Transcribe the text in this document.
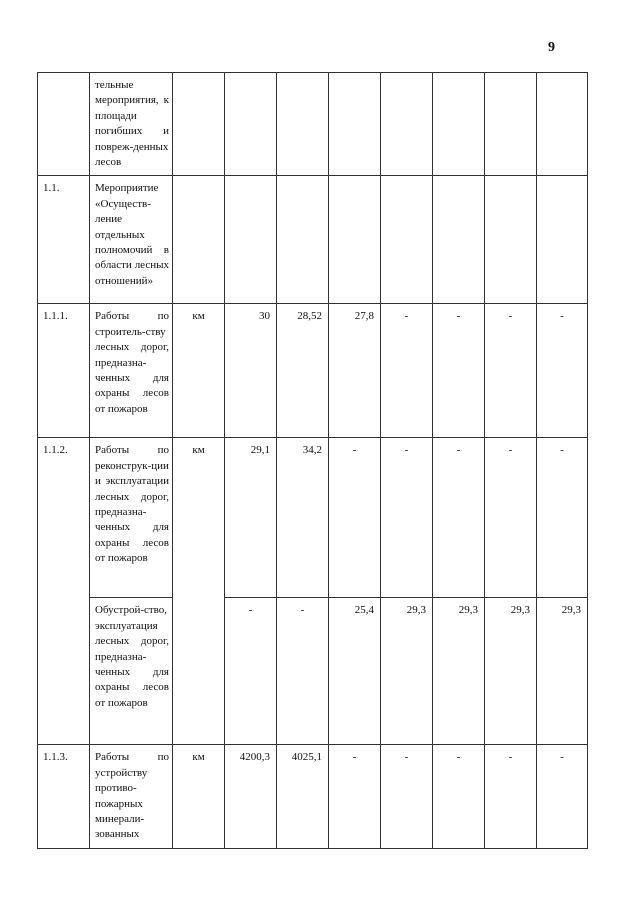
9
	тельные мероприятия, к площади погибших и повреж-денных лесов								
1.1.	Мероприятие «Осуществ-ление отдельных полномочий в области лесных отношений»								
1.1.1.	Работы по строитель-ству лесных дорог, предназна-ченных для охраны лесов от пожаров	км	30	28,52	27,8	-	-	-	-
1.1.2.	Работы по реконструк-ции и эксплуатации лесных дорог, предназна-ченных для охраны лесов от пожаров	км	29,1	34,2	-	-	-	-	-
	Обустрой-ство, эксплуатация лесных дорог, предназна-ченных для охраны лесов от пожаров		-	-	25,4	29,3	29,3	29,3	29,3
1.1.3.	Работы по устройству противо-пожарных минерали-зованных	км	4200,3	4025,1	-	-	-	-	-
